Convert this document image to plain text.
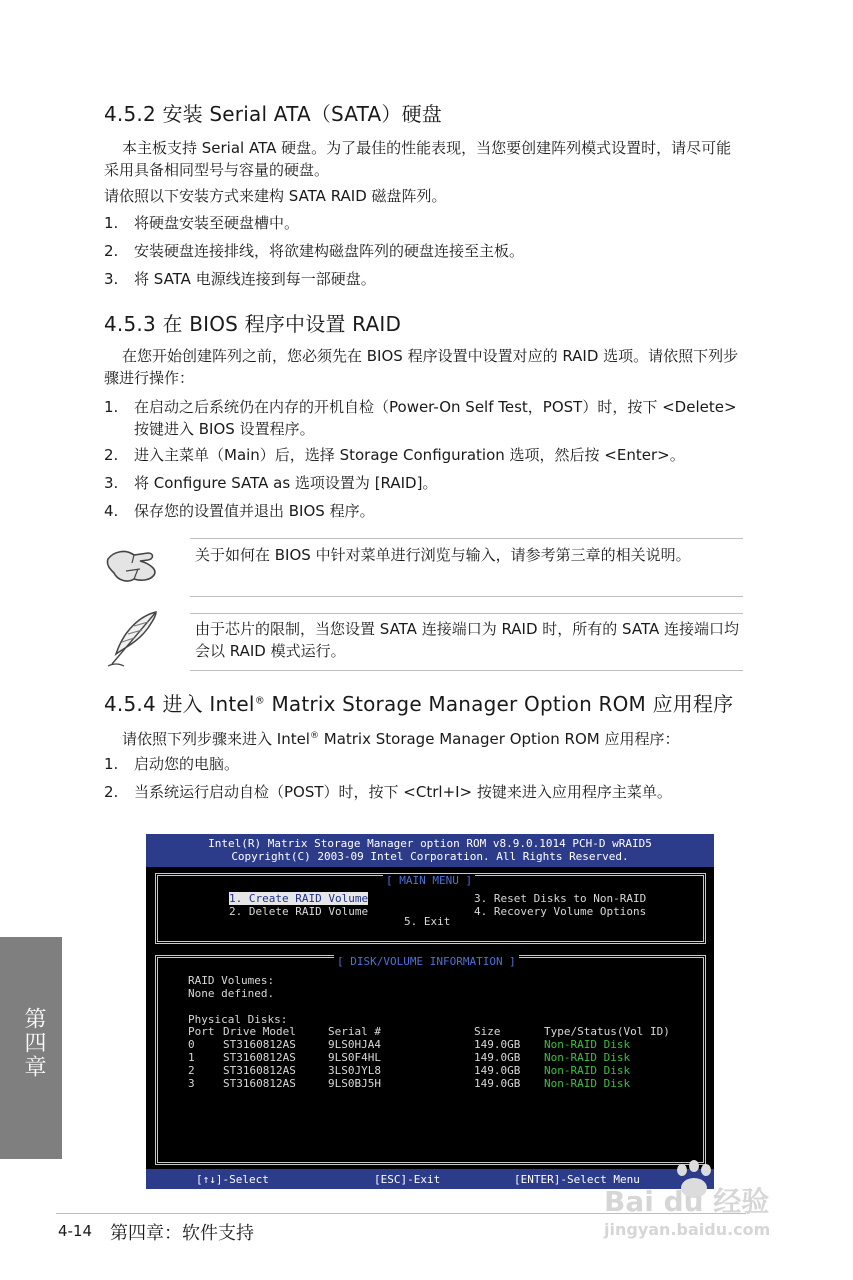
4.5.2 安装 Serial ATA（SATA）硬盘

本主板支持 Serial ATA 硬盘。为了最佳的性能表现，当您要创建阵列模式设置时，请尽可能采用具备相同型号与容量的硬盘。

请依照以下安装方式来建构 SATA RAID 磁盘阵列。

1. 将硬盘安装至硬盘槽中。
2. 安装硬盘连接排线，将欲建构磁盘阵列的硬盘连接至主板。
3. 将 SATA 电源线连接到每一部硬盘。
4.5.3 在 BIOS 程序中设置 RAID

在您开始创建阵列之前，您必须先在 BIOS 程序设置中设置对应的 RAID 选项。请依照下列步骤进行操作：

1. 在启动之后系统仍在内存的开机自检（Power-On Self Test，POST）时，按下 <Delete> 按键进入 BIOS 设置程序。
2. 进入主菜单（Main）后，选择 Storage Configuration 选项，然后按 <Enter>。
3. 将 Configure SATA as 选项设置为 [RAID]。
4. 保存您的设置值并退出 BIOS 程序。
关于如何在 BIOS 中针对菜单进行浏览与输入，请参考第三章的相关说明。
由于芯片的限制，当您设置 SATA 连接端口为 RAID 时，所有的 SATA 连接端口均会以 RAID 模式运行。
4.5.4 进入 Intel® Matrix Storage Manager Option ROM 应用程序

请依照下列步骤来进入 Intel® Matrix Storage Manager Option ROM 应用程序：

1. 启动您的电脑。
2. 当系统运行启动自检（POST）时，按下 <Ctrl+I> 按键来进入应用程序主菜单。
Intel(R) Matrix Storage Manager option ROM v8.9.0.1014 PCH-D wRAID5
Copyright(C) 2003-09 Intel Corporation. All Rights Reserved.
[ MAIN MENU ]
1. Create RAID Volume
2. Delete RAID Volume
3. Reset Disks to Non-RAID
4. Recovery Volume Options
5. Exit
[ DISK/VOLUME INFORMATION ]
RAID Volumes:
None defined.
Physical Disks:
Port Drive Model	Serial #	Size	Type/Status(Vol ID)
0	ST3160812AS	9LS0HJA4	149.0GB Non-RAID Disk
1	ST3160812AS	9LS0F4HL	149.0GB Non-RAID Disk
2	ST3160812AS	3LS0JYL8	149.0GB Non-RAID Disk
3	ST3160812AS	9LS0BJ5H	149.0GB Non-RAID Disk
[↑↓]-Select	[ESC]-Exit	[ENTER]-Select Menu
第四章
4-14 第四章：软件支持
Bai du 经验
jingyan.baidu.com
